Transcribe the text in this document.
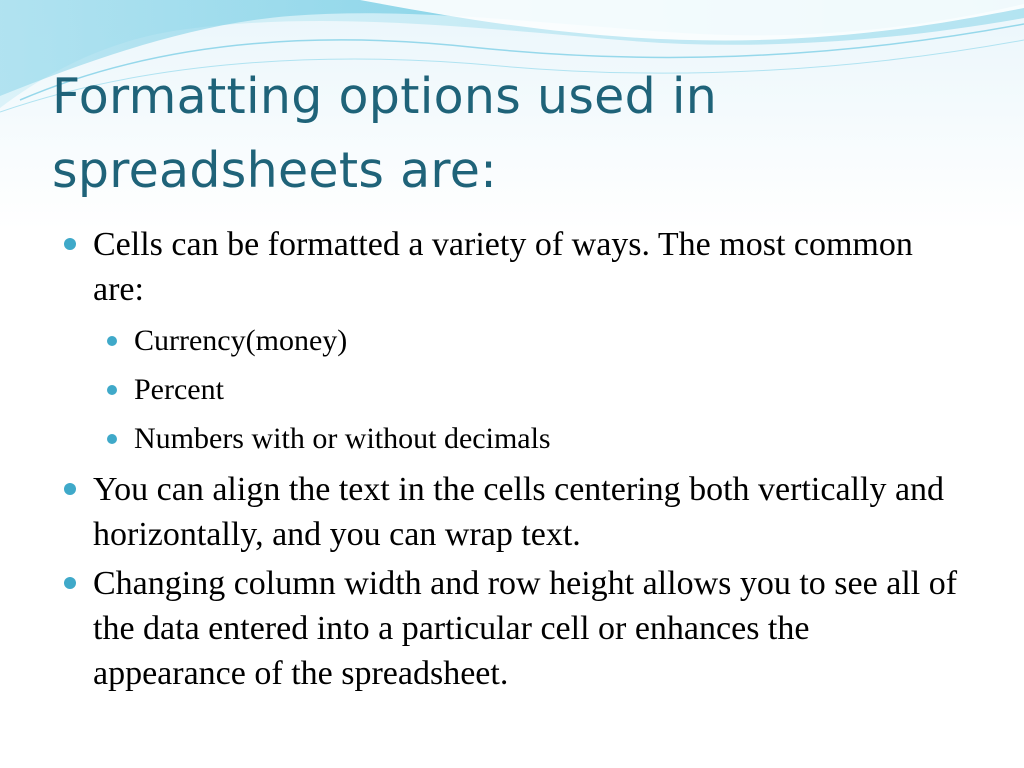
Formatting options used in spreadsheets are:
Cells can be formatted a variety of ways. The most common are:
Currency(money)
Percent
Numbers with or without decimals
You can align the text in the cells centering both vertically and horizontally, and you can wrap text.
Changing column width and row height allows you to see all of the data entered into a particular cell or enhances the appearance of the spreadsheet.
